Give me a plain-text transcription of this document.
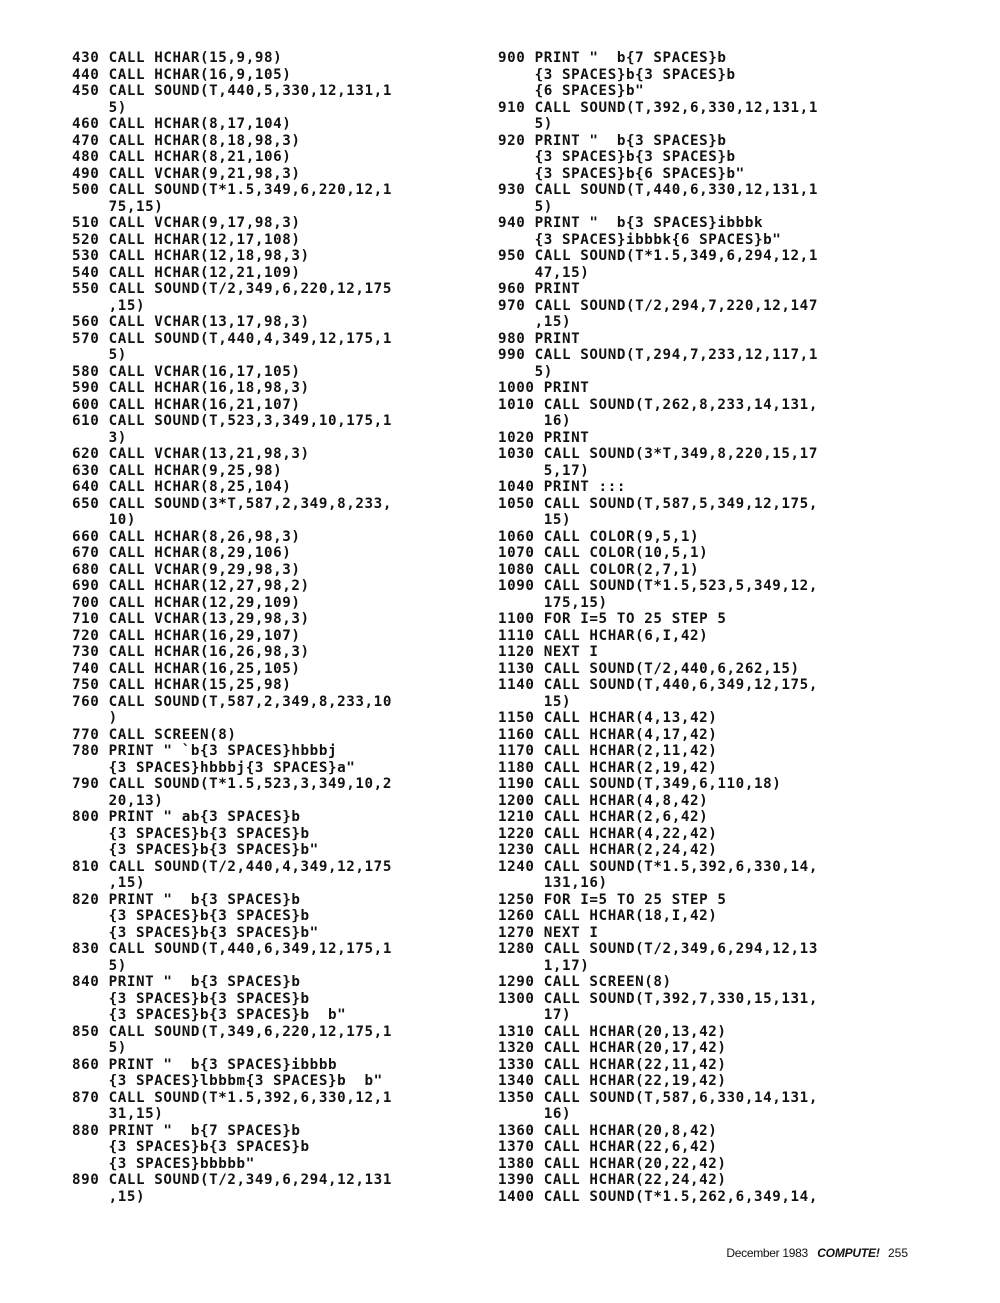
430 CALL HCHAR(15,9,98)
440 CALL HCHAR(16,9,105)
450 CALL SOUND(T,440,5,330,12,131,1
5)
460 CALL HCHAR(8,17,104)
470 CALL HCHAR(8,18,98,3)
480 CALL HCHAR(8,21,106)
490 CALL VCHAR(9,21,98,3)
500 CALL SOUND(T*1.5,349,6,220,12,1
75,15)
510 CALL VCHAR(9,17,98,3)
520 CALL HCHAR(12,17,108)
530 CALL HCHAR(12,18,98,3)
540 CALL HCHAR(12,21,109)
550 CALL SOUND(T/2,349,6,220,12,175
,15)
560 CALL VCHAR(13,17,98,3)
570 CALL SOUND(T,440,4,349,12,175,1
5)
580 CALL VCHAR(16,17,105)
590 CALL HCHAR(16,18,98,3)
600 CALL HCHAR(16,21,107)
610 CALL SOUND(T,523,3,349,10,175,1
3)
620 CALL VCHAR(13,21,98,3)
630 CALL HCHAR(9,25,98)
640 CALL HCHAR(8,25,104)
650 CALL SOUND(3*T,587,2,349,8,233,
10)
660 CALL HCHAR(8,26,98,3)
670 CALL HCHAR(8,29,106)
680 CALL VCHAR(9,29,98,3)
690 CALL HCHAR(12,27,98,2)
700 CALL HCHAR(12,29,109)
710 CALL VCHAR(13,29,98,3)
720 CALL HCHAR(16,29,107)
730 CALL HCHAR(16,26,98,3)
740 CALL HCHAR(16,25,105)
750 CALL HCHAR(15,25,98)
760 CALL SOUND(T,587,2,349,8,233,10
)
770 CALL SCREEN(8)
780 PRINT " `b{3 SPACES}hbbbj
{3 SPACES}hbbbj{3 SPACES}a"
790 CALL SOUND(T*1.5,523,3,349,10,2
20,13)
800 PRINT " ab{3 SPACES}b
{3 SPACES}b{3 SPACES}b
{3 SPACES}b{3 SPACES}b"
810 CALL SOUND(T/2,440,4,349,12,175
,15)
820 PRINT "  b{3 SPACES}b
{3 SPACES}b{3 SPACES}b
{3 SPACES}b{3 SPACES}b"
830 CALL SOUND(T,440,6,349,12,175,1
5)
840 PRINT "  b{3 SPACES}b
{3 SPACES}b{3 SPACES}b
{3 SPACES}b{3 SPACES}b  b"
850 CALL SOUND(T,349,6,220,12,175,1
5)
860 PRINT "  b{3 SPACES}ibbbb
{3 SPACES}lbbbm{3 SPACES}b  b"
870 CALL SOUND(T*1.5,392,6,330,12,1
31,15)
880 PRINT "  b{7 SPACES}b
{3 SPACES}b{3 SPACES}b
{3 SPACES}bbbbb"
890 CALL SOUND(T/2,349,6,294,12,131
,15)
900 PRINT "  b{7 SPACES}b
{3 SPACES}b{3 SPACES}b
{6 SPACES}b"
910 CALL SOUND(T,392,6,330,12,131,1
5)
920 PRINT "  b{3 SPACES}b
{3 SPACES}b{3 SPACES}b
{3 SPACES}b{6 SPACES}b"
930 CALL SOUND(T,440,6,330,12,131,1
5)
940 PRINT "  b{3 SPACES}ibbbk
{3 SPACES}ibbbk{6 SPACES}b"
950 CALL SOUND(T*1.5,349,6,294,12,1
47,15)
960 PRINT
970 CALL SOUND(T/2,294,7,220,12,147
,15)
980 PRINT
990 CALL SOUND(T,294,7,233,12,117,1
5)
1000 PRINT
1010 CALL SOUND(T,262,8,233,14,131,
16)
1020 PRINT
1030 CALL SOUND(3*T,349,8,220,15,17
5,17)
1040 PRINT :::
1050 CALL SOUND(T,587,5,349,12,175,
15)
1060 CALL COLOR(9,5,1)
1070 CALL COLOR(10,5,1)
1080 CALL COLOR(2,7,1)
1090 CALL SOUND(T*1.5,523,5,349,12,
175,15)
1100 FOR I=5 TO 25 STEP 5
1110 CALL HCHAR(6,I,42)
1120 NEXT I
1130 CALL SOUND(T/2,440,6,262,15)
1140 CALL SOUND(T,440,6,349,12,175,
15)
1150 CALL HCHAR(4,13,42)
1160 CALL HCHAR(4,17,42)
1170 CALL HCHAR(2,11,42)
1180 CALL HCHAR(2,19,42)
1190 CALL SOUND(T,349,6,110,18)
1200 CALL HCHAR(4,8,42)
1210 CALL HCHAR(2,6,42)
1220 CALL HCHAR(4,22,42)
1230 CALL HCHAR(2,24,42)
1240 CALL SOUND(T*1.5,392,6,330,14,
131,16)
1250 FOR I=5 TO 25 STEP 5
1260 CALL HCHAR(18,I,42)
1270 NEXT I
1280 CALL SOUND(T/2,349,6,294,12,13
1,17)
1290 CALL SCREEN(8)
1300 CALL SOUND(T,392,7,330,15,131,
17)
1310 CALL HCHAR(20,13,42)
1320 CALL HCHAR(20,17,42)
1330 CALL HCHAR(22,11,42)
1340 CALL HCHAR(22,19,42)
1350 CALL SOUND(T,587,6,330,14,131,
16)
1360 CALL HCHAR(20,8,42)
1370 CALL HCHAR(22,6,42)
1380 CALL HCHAR(20,22,42)
1390 CALL HCHAR(22,24,42)
1400 CALL SOUND(T*1.5,262,6,349,14,
December 1983 COMPUTE! 255
